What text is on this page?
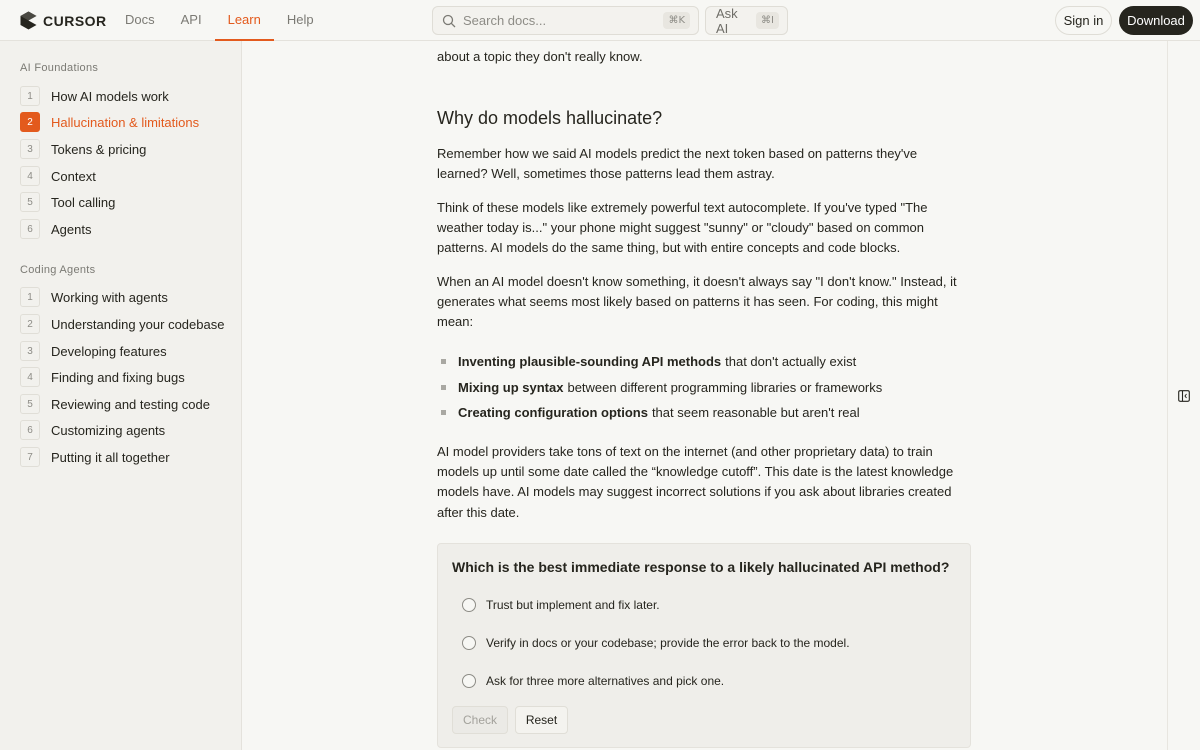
CURSOR	Docs	API	Learn	Help	Search docs...	⌘K	Ask AI	⌘I	Sign in	Download
AI Foundations
1	How AI models work
2	Hallucination & limitations
3	Tokens & pricing
4	Context
5	Tool calling
6	Agents
Coding Agents
1	Working with agents
2	Understanding your codebase
3	Developing features
4	Finding and fixing bugs
5	Reviewing and testing code
6	Customizing agents
7	Putting it all together
about a topic they don't really know.
Why do models hallucinate?
Remember how we said AI models predict the next token based on patterns they've learned? Well, sometimes those patterns lead them astray.
Think of these models like extremely powerful text autocomplete. If you've typed "The weather today is..." your phone might suggest "sunny" or "cloudy" based on common patterns. AI models do the same thing, but with entire concepts and code blocks.
When an AI model doesn't know something, it doesn't always say "I don't know." Instead, it generates what seems most likely based on patterns it has seen. For coding, this might mean:
Inventing plausible-sounding API methods that don't actually exist
Mixing up syntax between different programming libraries or frameworks
Creating configuration options that seem reasonable but aren't real
AI model providers take tons of text on the internet (and other proprietary data) to train models up until some date called the “knowledge cutoff”. This date is the latest knowledge models have. AI models may suggest incorrect solutions if you ask about libraries created after this date.
Which is the best immediate response to a likely hallucinated API method?
Trust but implement and fix later.
Verify in docs or your codebase; provide the error back to the model.
Ask for three more alternatives and pick one.
Check	Reset
